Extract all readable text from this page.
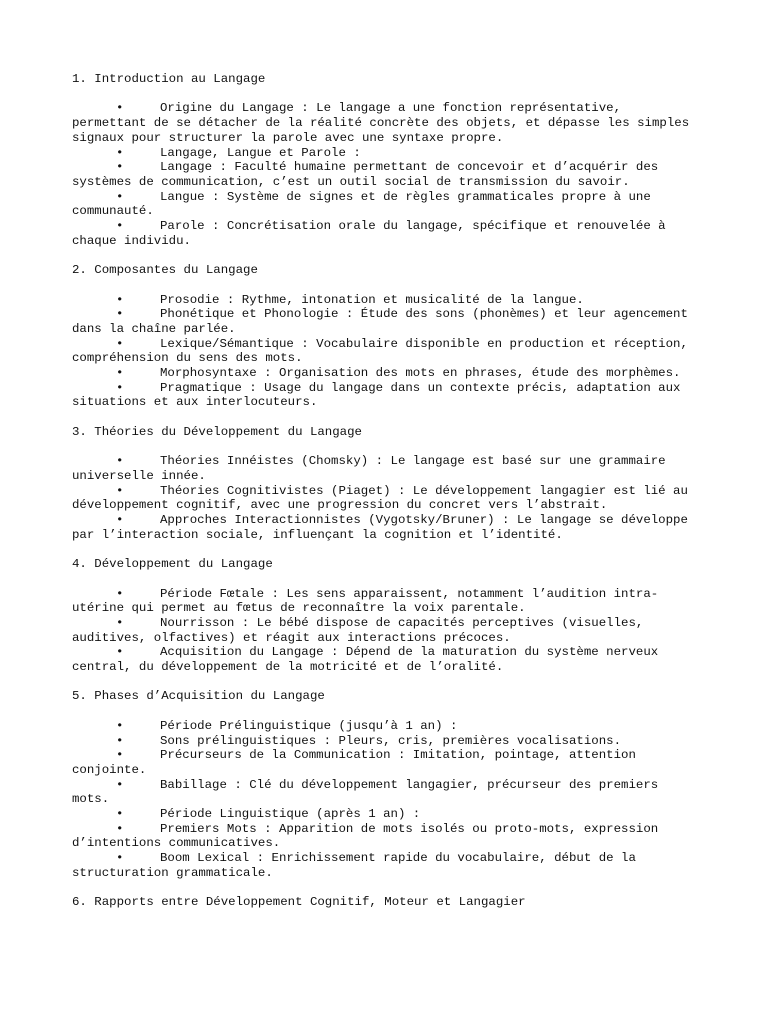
1. Introduction au Langage
•	Origine du Langage : Le langage a une fonction représentative, permettant de se détacher de la réalité concrète des objets, et dépasse les simples signaux pour structurer la parole avec une syntaxe propre.
•	Langage, Langue et Parole :
•	Langage : Faculté humaine permettant de concevoir et d’acquérir des systèmes de communication, c’est un outil social de transmission du savoir.
•	Langue : Système de signes et de règles grammaticales propre à une communauté.
•	Parole : Concrétisation orale du langage, spécifique et renouvelée à chaque individu.
2. Composantes du Langage
•	Prosodie : Rythme, intonation et musicalité de la langue.
•	Phonétique et Phonologie : Étude des sons (phonèmes) et leur agencement dans la chaîne parlée.
•	Lexique/Sémantique : Vocabulaire disponible en production et réception, compréhension du sens des mots.
•	Morphosyntaxe : Organisation des mots en phrases, étude des morphèmes.
•	Pragmatique : Usage du langage dans un contexte précis, adaptation aux situations et aux interlocuteurs.
3. Théories du Développement du Langage
•	Théories Innéistes (Chomsky) : Le langage est basé sur une grammaire universelle innée.
•	Théories Cognitivistes (Piaget) : Le développement langagier est lié au développement cognitif, avec une progression du concret vers l’abstrait.
•	Approches Interactionnistes (Vygotsky/Bruner) : Le langage se développe par l’interaction sociale, influençant la cognition et l’identité.
4. Développement du Langage
•	Période Fœtale : Les sens apparaissent, notamment l’audition intra-utérine qui permet au fœtus de reconnaître la voix parentale.
•	Nourrisson : Le bébé dispose de capacités perceptives (visuelles, auditives, olfactives) et réagit aux interactions précoces.
•	Acquisition du Langage : Dépend de la maturation du système nerveux central, du développement de la motricité et de l’oralité.
5. Phases d’Acquisition du Langage
•	Période Prélinguistique (jusqu’à 1 an) :
•	Sons prélinguistiques : Pleurs, cris, premières vocalisations.
•	Précurseurs de la Communication : Imitation, pointage, attention conjointe.
•	Babillage : Clé du développement langagier, précurseur des premiers mots.
•	Période Linguistique (après 1 an) :
•	Premiers Mots : Apparition de mots isolés ou proto-mots, expression d’intentions communicatives.
•	Boom Lexical : Enrichissement rapide du vocabulaire, début de la structuration grammaticale.
6. Rapports entre Développement Cognitif, Moteur et Langagier
